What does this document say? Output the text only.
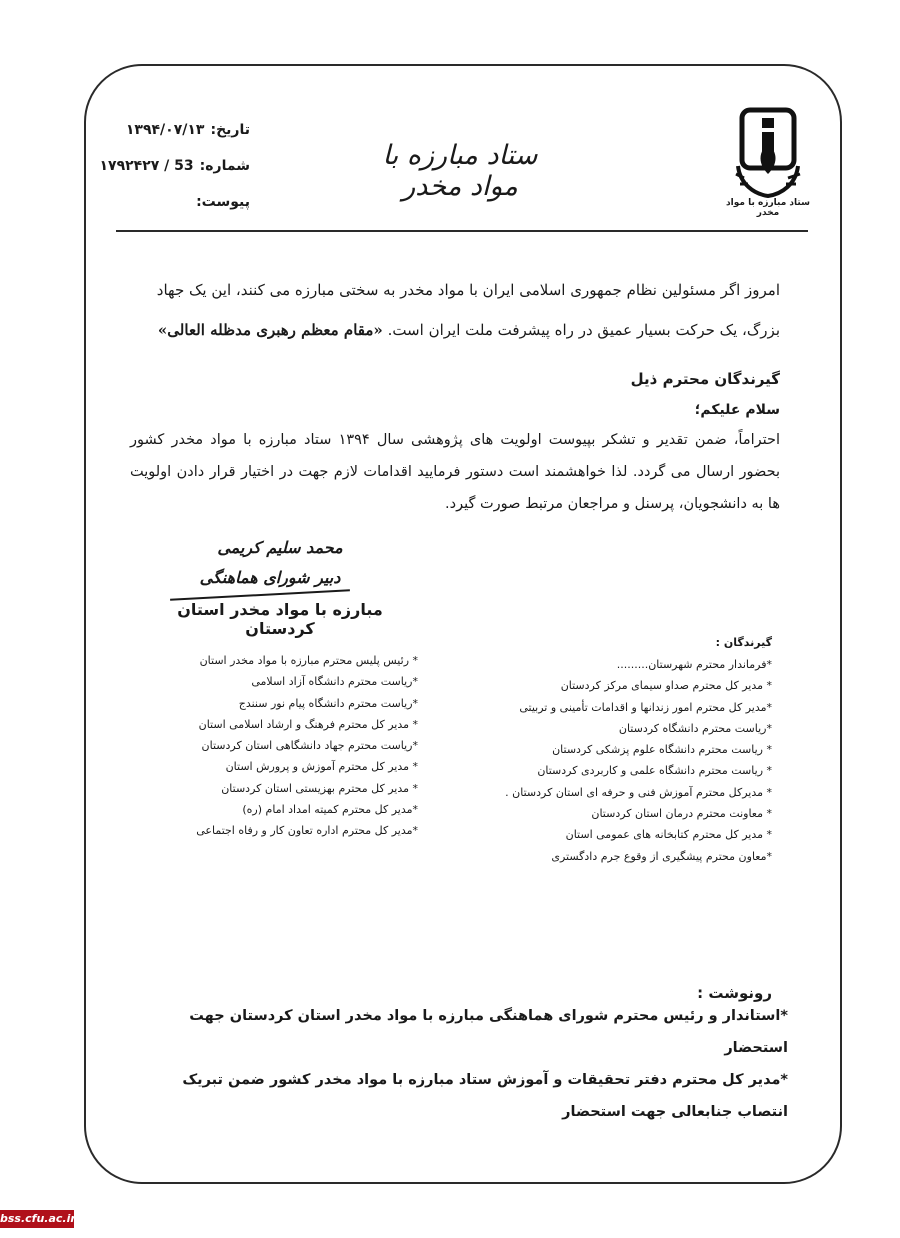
ستاد مبارزه با مواد مخدر
ستاد مبارزه با مواد مخدر
تاریخ:
۱۳۹۴/۰۷/۱۳
شماره:
۱۷۹۲۴۲۷ / 53
پیوست:
امروز اگر مسئولین نظام جمهوری اسلامی ایران با مواد مخدر به سختی مبارزه می کنند، این یک جهاد بزرگ، یک حرکت بسیار عمیق در راه پیشرفت ملت ایران است. «مقام معظم رهبری مدظله العالی»
گیرندگان محترم ذیل
سلام علیکم؛
احتراماً، ضمن تقدیر و تشکر بپیوست اولویت های پژوهشی سال ۱۳۹۴ ستاد مبارزه با مواد مخدر کشور بحضور ارسال می گردد. لذا خواهشمند است دستور فرمایید اقدامات لازم جهت در اختیار قرار دادن اولویت ها به دانشجویان، پرسنل و مراجعان مرتبط صورت گیرد.
محمد سلیم کریمی
دبیر شورای هماهنگی
مبارزه با مواد مخدر استان کردستان
گیرندگان :
*فرماندار محترم شهرستان.........
* مدیر کل محترم صداو سیمای مرکز کردستان
*مدیر کل محترم امور زندانها و اقدامات تأمینی و تربیتی
*ریاست محترم دانشگاه کردستان
* ریاست محترم دانشگاه علوم پزشکی کردستان
* ریاست محترم دانشگاه علمی و کاربردی کردستان
* مدیرکل محترم آموزش فنی و حرفه ای استان کردستان .
* معاونت محترم درمان استان کردستان
* مدیر کل محترم کتابخانه های عمومی استان
*معاون محترم پیشگیری از وقوع جرم دادگستری
* رئیس پلیس محترم مبارزه با مواد مخدر استان
*ریاست محترم دانشگاه آزاد اسلامی
*ریاست محترم دانشگاه پیام نور سنندج
* مدیر کل محترم فرهنگ و ارشاد اسلامی استان
*ریاست محترم جهاد دانشگاهی استان کردستان
* مدیر کل محترم آموزش و پرورش استان
* مدیر کل محترم بهزیستی استان کردستان
*مدیر کل محترم کمیته امداد امام (ره)
*مدیر کل محترم اداره تعاون کار و رفاه اجتماعی
رونوشت :
*استاندار و رئیس محترم شورای هماهنگی مبارزه با مواد مخدر استان کردستان جهت استحضار
*مدیر کل محترم دفتر تحقیقات و آموزش ستاد مبارزه با مواد مخدر کشور ضمن تبریک انتصاب جنابعالی جهت استحضار
bss.cfu.ac.ir
